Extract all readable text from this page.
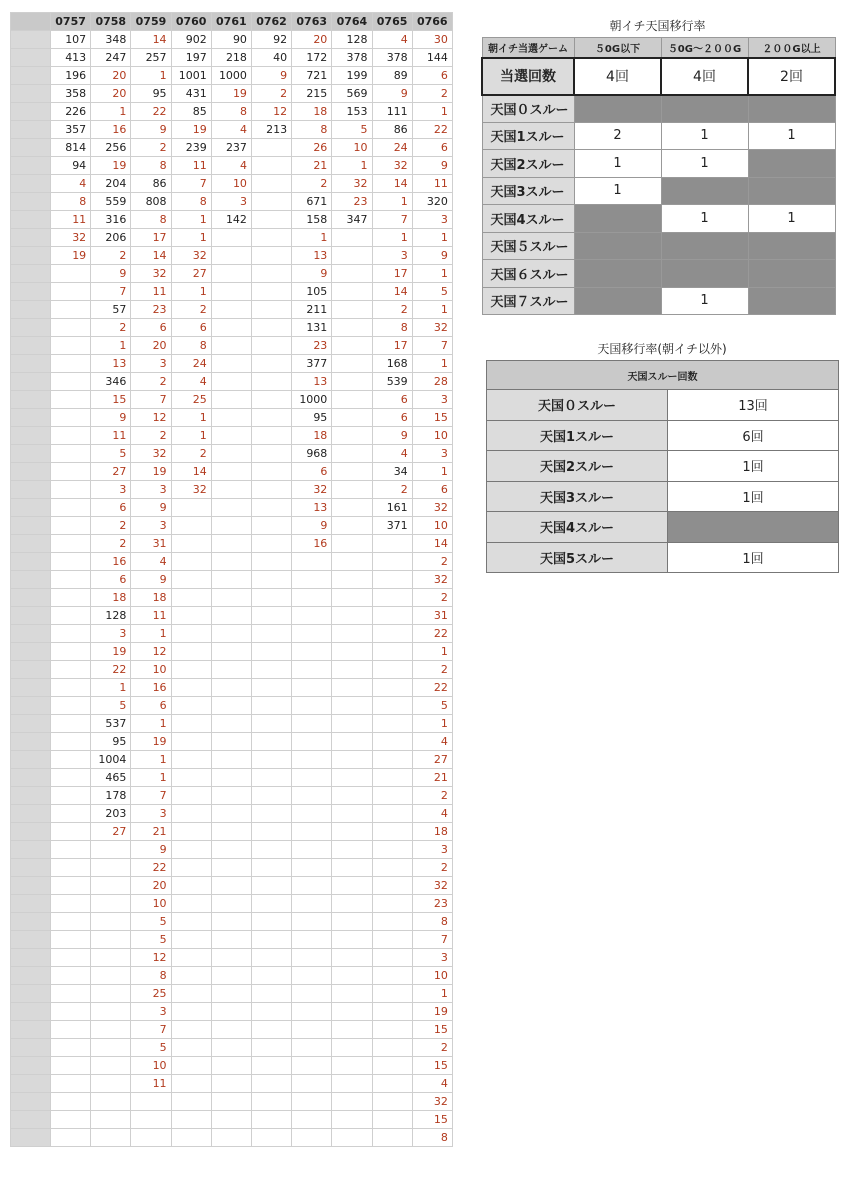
	0757	0758	0759	0760	0761	0762	0763	0764	0765	0766
	107	348	14	902	90	92	20	128	4	30
	413	247	257	197	218	40	172	378	378	144
	196	20	1	1001	1000	9	721	199	89	6
	358	20	95	431	19	2	215	569	9	2
	226	1	22	85	8	12	18	153	111	1
	357	16	9	19	4	213	8	5	86	22
	814	256	2	239	237		26	10	24	6
	94	19	8	11	4		21	1	32	9
	4	204	86	7	10		2	32	14	11
	8	559	808	8	3		671	23	1	320
	11	316	8	1	142		158	347	7	3
	32	206	17	1			1		1	1
	19	2	14	32			13		3	9
		9	32	27			9		17	1
		7	11	1			105		14	5
		57	23	2			211		2	1
		2	6	6			131		8	32
		1	20	8			23		17	7
		13	3	24			377		168	1
		346	2	4			13		539	28
		15	7	25			1000		6	3
		9	12	1			95		6	15
		11	2	1			18		9	10
		5	32	2			968		4	3
		27	19	14			6		34	1
		3	3	32			32		2	6
		6	9				13		161	32
		2	3				9		371	10
		2	31				16			14
		16	4							2
		6	9							32
		18	18							2
		128	11							31
		3	1							22
		19	12							1
		22	10							2
		1	16							22
		5	6							5
		537	1							1
		95	19							4
		1004	1							27
		465	1							21
		178	7							2
		203	3							4
		27	21							18
			9							3
			22							2
			20							32
			10							23
			5							8
			5							7
			12							3
			8							10
			25							1
			3							19
			7							15
			5							2
			10							15
			11							4
										32
										15
										8
朝イチ天国移行率
朝イチ当選ゲーム	５0G以下	５0G〜２００G	２００G以上
当選回数	4回	4回	2回
天国０スルー			
天国1スルー	2	1	1
天国2スルー	1	1	
天国3スルー	1		
天国4スルー		1	1
天国５スルー			
天国６スルー			
天国７スルー		1	
天国移行率(朝イチ以外)
天国スルー回数	
天国０スルー	13回
天国1スルー	6回
天国2スルー	1回
天国3スルー	1回
天国4スルー	
天国5スルー	1回
